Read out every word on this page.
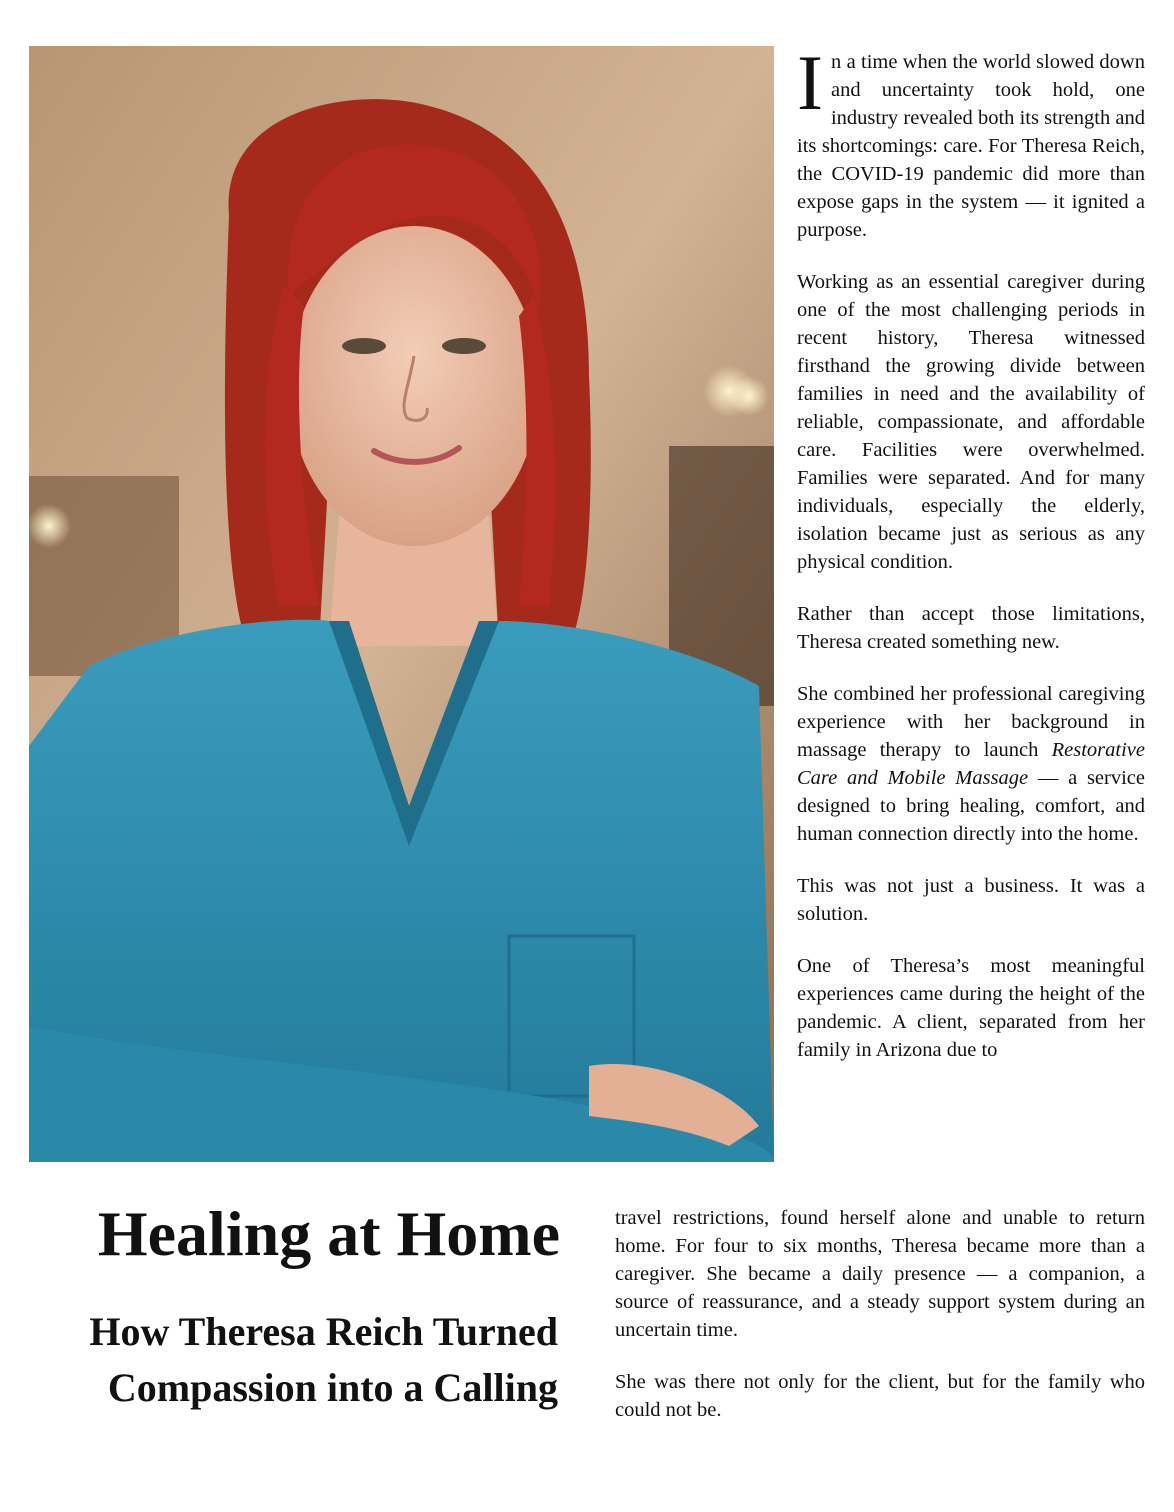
In a time when the world slowed down and uncertainty took hold, one industry revealed both its strength and its shortcomings: care. For Theresa Reich, the COVID-19 pandemic did more than expose gaps in the system — it ignited a purpose.

Working as an essential caregiver during one of the most challenging periods in recent history, Theresa witnessed firsthand the growing divide between families in need and the availability of reliable, compassionate, and affordable care. Facilities were overwhelmed. Families were separated. And for many individuals, especially the elderly, isolation became just as serious as any physical condition.

Rather than accept those limitations, Theresa created something new.

She combined her professional caregiving experience with her background in massage therapy to launch Restorative Care and Mobile Massage — a service designed to bring healing, comfort, and human connection directly into the home.

This was not just a business. It was a solution.

One of Theresa’s most meaningful experiences came during the height of the pandemic. A client, separated from her family in Arizona due to

Healing at Home
How Theresa Reich Turned
Compassion into a Calling

travel restrictions, found herself alone and unable to return home. For four to six months, Theresa became more than a caregiver. She became a daily presence — a companion, a source of reassurance, and a steady support system during an uncertain time.

She was there not only for the client, but for the family who could not be.
